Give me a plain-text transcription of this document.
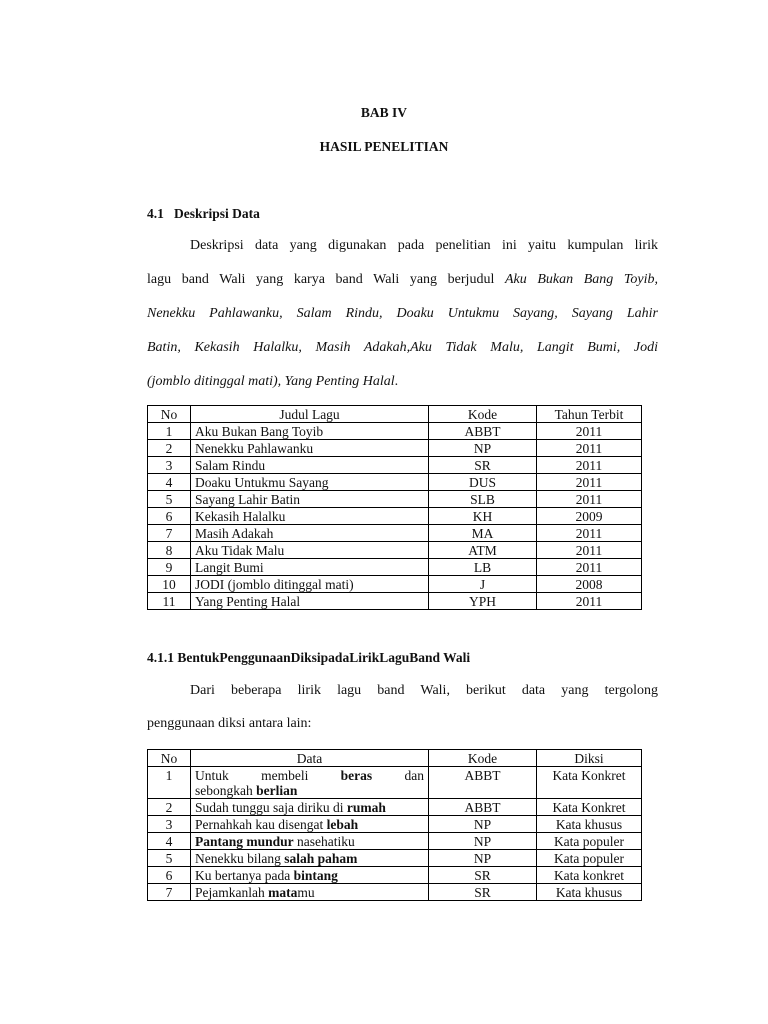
BAB IV
HASIL PENELITIAN
4.1 Deskripsi Data

Deskripsi data yang digunakan pada penelitian ini yaitu kumpulan lirik

lagu band Wali yang karya band Wali yang berjudul Aku Bukan Bang Toyib,

Nenekku Pahlawanku, Salam Rindu, Doaku Untukmu Sayang, Sayang Lahir

Batin, Kekasih Halalku, Masih Adakah,Aku Tidak Malu, Langit Bumi, Jodi

(jomblo ditinggal mati), Yang Penting Halal.

No	Judul Lagu	Kode	Tahun Terbit
1	Aku Bukan Bang Toyib	ABBT	2011
2	Nenekku Pahlawanku	NP	2011
3	Salam Rindu	SR	2011
4	Doaku Untukmu Sayang	DUS	2011
5	Sayang Lahir Batin	SLB	2011
6	Kekasih Halalku	KH	2009
7	Masih Adakah	MA	2011
8	Aku Tidak Malu	ATM	2011
9	Langit Bumi	LB	2011
10	JODI (jomblo ditinggal mati)	J	2008
11	Yang Penting Halal	YPH	2011
4.1.1 BentukPenggunaanDiksipadaLirikLaguBand Wali

Dari beberapa lirik lagu band Wali, berikut data yang tergolong

penggunaan diksi antara lain:

No	Data	Kode	Diksi
1	Untuk membeli beras dan
sebongkah berlian	ABBT	Kata Konkret
2	Sudah tunggu saja diriku di rumah	ABBT	Kata Konkret
3	Pernahkah kau disengat lebah	NP	Kata khusus
4	Pantang mundur nasehatiku	NP	Kata populer
5	Nenekku bilang salah paham	NP	Kata populer
6	Ku bertanya pada bintang	SR	Kata konkret
7	Pejamkanlah matamu	SR	Kata khusus
